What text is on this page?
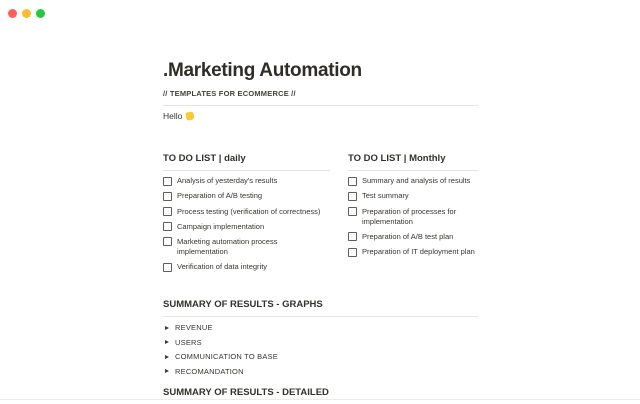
.Marketing Automation
// TEMPLATES FOR ECOMMERCE //
Hello
TO DO LIST | daily
Analysis of yesterday's results
Preparation of A/B testing
Process testing (verification of correctness)
Campaign implementation
Marketing automation process implementation
Verification of data integrity
TO DO LIST | Monthly
Summary and analysis of results
Test summary
Preparation of processes for implementation
Preparation of A/B test plan
Preparation of IT deployment plan
SUMMARY OF RESULTS - GRAPHS
REVENUE
USERS
COMMUNICATION TO BASE
RECOMANDATION
SUMMARY OF RESULTS - DETAILED
